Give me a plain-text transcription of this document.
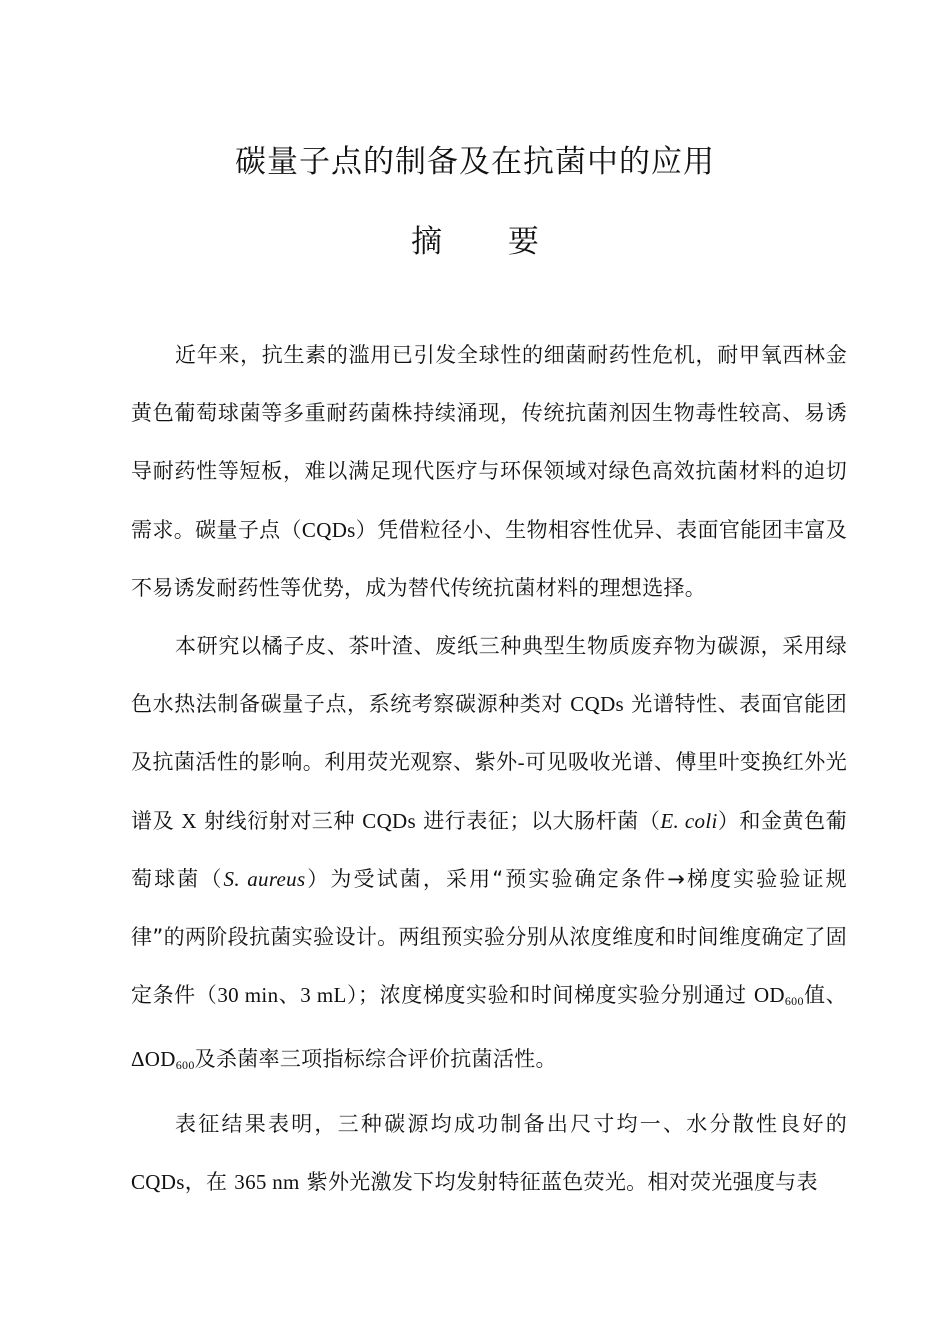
碳量子点的制备及在抗菌中的应用
摘 要

近年来，抗生素的滥用已引发全球性的细菌耐药性危机，耐甲氧西林金黄色葡萄球菌等多重耐药菌株持续涌现，传统抗菌剂因生物毒性较高、易诱导耐药性等短板，难以满足现代医疗与环保领域对绿色高效抗菌材料的迫切需求。碳量子点（CQDs）凭借粒径小、生物相容性优异、表面官能团丰富及不易诱发耐药性等优势，成为替代传统抗菌材料的理想选择。

本研究以橘子皮、茶叶渣、废纸三种典型生物质废弃物为碳源，采用绿色水热法制备碳量子点，系统考察碳源种类对 CQDs 光谱特性、表面官能团及抗菌活性的影响。利用荧光观察、紫外-可见吸收光谱、傅里叶变换红外光谱及 X 射线衍射对三种 CQDs 进行表征；以大肠杆菌（E. coli）和金黄色葡萄球菌（S. aureus）为受试菌，采用“预实验确定条件→梯度实验验证规律”的两阶段抗菌实验设计。两组预实验分别从浓度维度和时间维度确定了固定条件（30 min、3 mL）；浓度梯度实验和时间梯度实验分别通过 $OD_{600}$值、$\Delta OD_{600}$及杀菌率三项指标综合评价抗菌活性。

表征结果表明，三种碳源均成功制备出尺寸均一、水分散性良好的 CQDs，在 365 nm 紫外光激发下均发射特征蓝色荧光。相对荧光强度与表
